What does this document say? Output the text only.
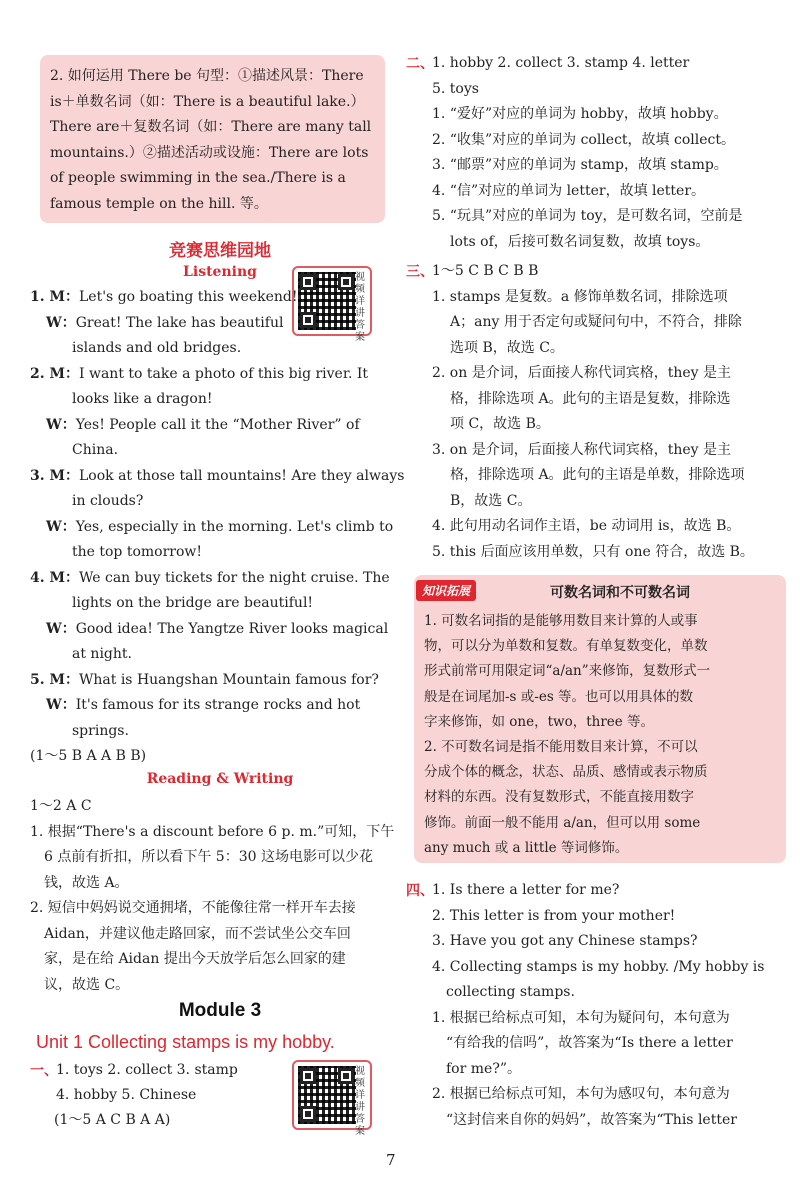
2. 如何运用 There be 句型：①描述风景：There
is＋单数名词（如：There is a beautiful lake.）
There are＋复数名词（如：There are many tall
mountains.）②描述活动或设施：There are lots
of people swimming in the sea./There is a
famous temple on the hill. 等。
竞赛思维园地
Listening	视频详讲答案
1. M：Let's go boating this weekend!
W：Great! The lake has beautiful
islands and old bridges.
2. M：I want to take a photo of this big river. It
looks like a dragon!
W：Yes! People call it the “Mother River” of
China.
3. M：Look at those tall mountains! Are they always
in clouds?
W：Yes, especially in the morning. Let's climb to
the top tomorrow!
4. M：We can buy tickets for the night cruise. The
lights on the bridge are beautiful!
W：Good idea! The Yangtze River looks magical
at night.
5. M：What is Huangshan Mountain famous for?
W：It's famous for its strange rocks and hot
springs.
(1～5 B A A B B)
Reading & Writing
1～2 A C
1. 根据“There's a discount before 6 p. m.”可知，下午
6 点前有折扣，所以看下午 5：30 这场电影可以少花
钱，故选 A。
2. 短信中妈妈说交通拥堵，不能像往常一样开车去接
Aidan，并建议他走路回家，而不尝试坐公交车回
家，是在给 Aidan 提出今天放学后怎么回家的建
议，故选 C。
Module 3
Unit 1 Collecting stamps is my hobby.
一、
1. toys 2. collect 3. stamp
4. hobby 5. Chinese
(1～5 A C B A A)
视频详讲答案
二、
1. hobby 2. collect 3. stamp 4. letter
5. toys
1. “爱好”对应的单词为 hobby，故填 hobby。
2. “收集”对应的单词为 collect，故填 collect。
3. “邮票”对应的单词为 stamp，故填 stamp。
4. “信”对应的单词为 letter，故填 letter。
5. “玩具”对应的单词为 toy，是可数名词，空前是
lots of，后接可数名词复数，故填 toys。
三、
1～5 C B C B B
1. stamps 是复数。a 修饰单数名词，排除选项
A；any 用于否定句或疑问句中，不符合，排除
选项 B，故选 C。
2. on 是介词，后面接人称代词宾格，they 是主
格，排除选项 A。此句的主语是复数，排除选
项 C，故选 B。
3. on 是介词，后面接人称代词宾格，they 是主
格，排除选项 A。此句的主语是单数，排除选项
B，故选 C。
4. 此句用动名词作主语，be 动词用 is，故选 B。
5. this 后面应该用单数，只有 one 符合，故选 B。
知识拓展	可数名词和不可数名词
1. 可数名词指的是能够用数目来计算的人或事
物，可以分为单数和复数。有单复数变化，单数
形式前常可用限定词“a/an”来修饰，复数形式一
般是在词尾加-s 或-es 等。也可以用具体的数
字来修饰，如 one，two，three 等。
2. 不可数名词是指不能用数目来计算，不可以
分成个体的概念，状态、品质、感情或表示物质
材料的东西。没有复数形式，不能直接用数字
修饰。前面一般不能用 a/an，但可以用 some
any much 或 a little 等词修饰。
四、
1. Is there a letter for me?
2. This letter is from your mother!
3. Have you got any Chinese stamps?
4. Collecting stamps is my hobby. /My hobby is
collecting stamps.
1. 根据已给标点可知，本句为疑问句，本句意为
“有给我的信吗”，故答案为“Is there a letter
for me?”。
2. 根据已给标点可知，本句为感叹句，本句意为
“这封信来自你的妈妈”，故答案为“This letter
7
